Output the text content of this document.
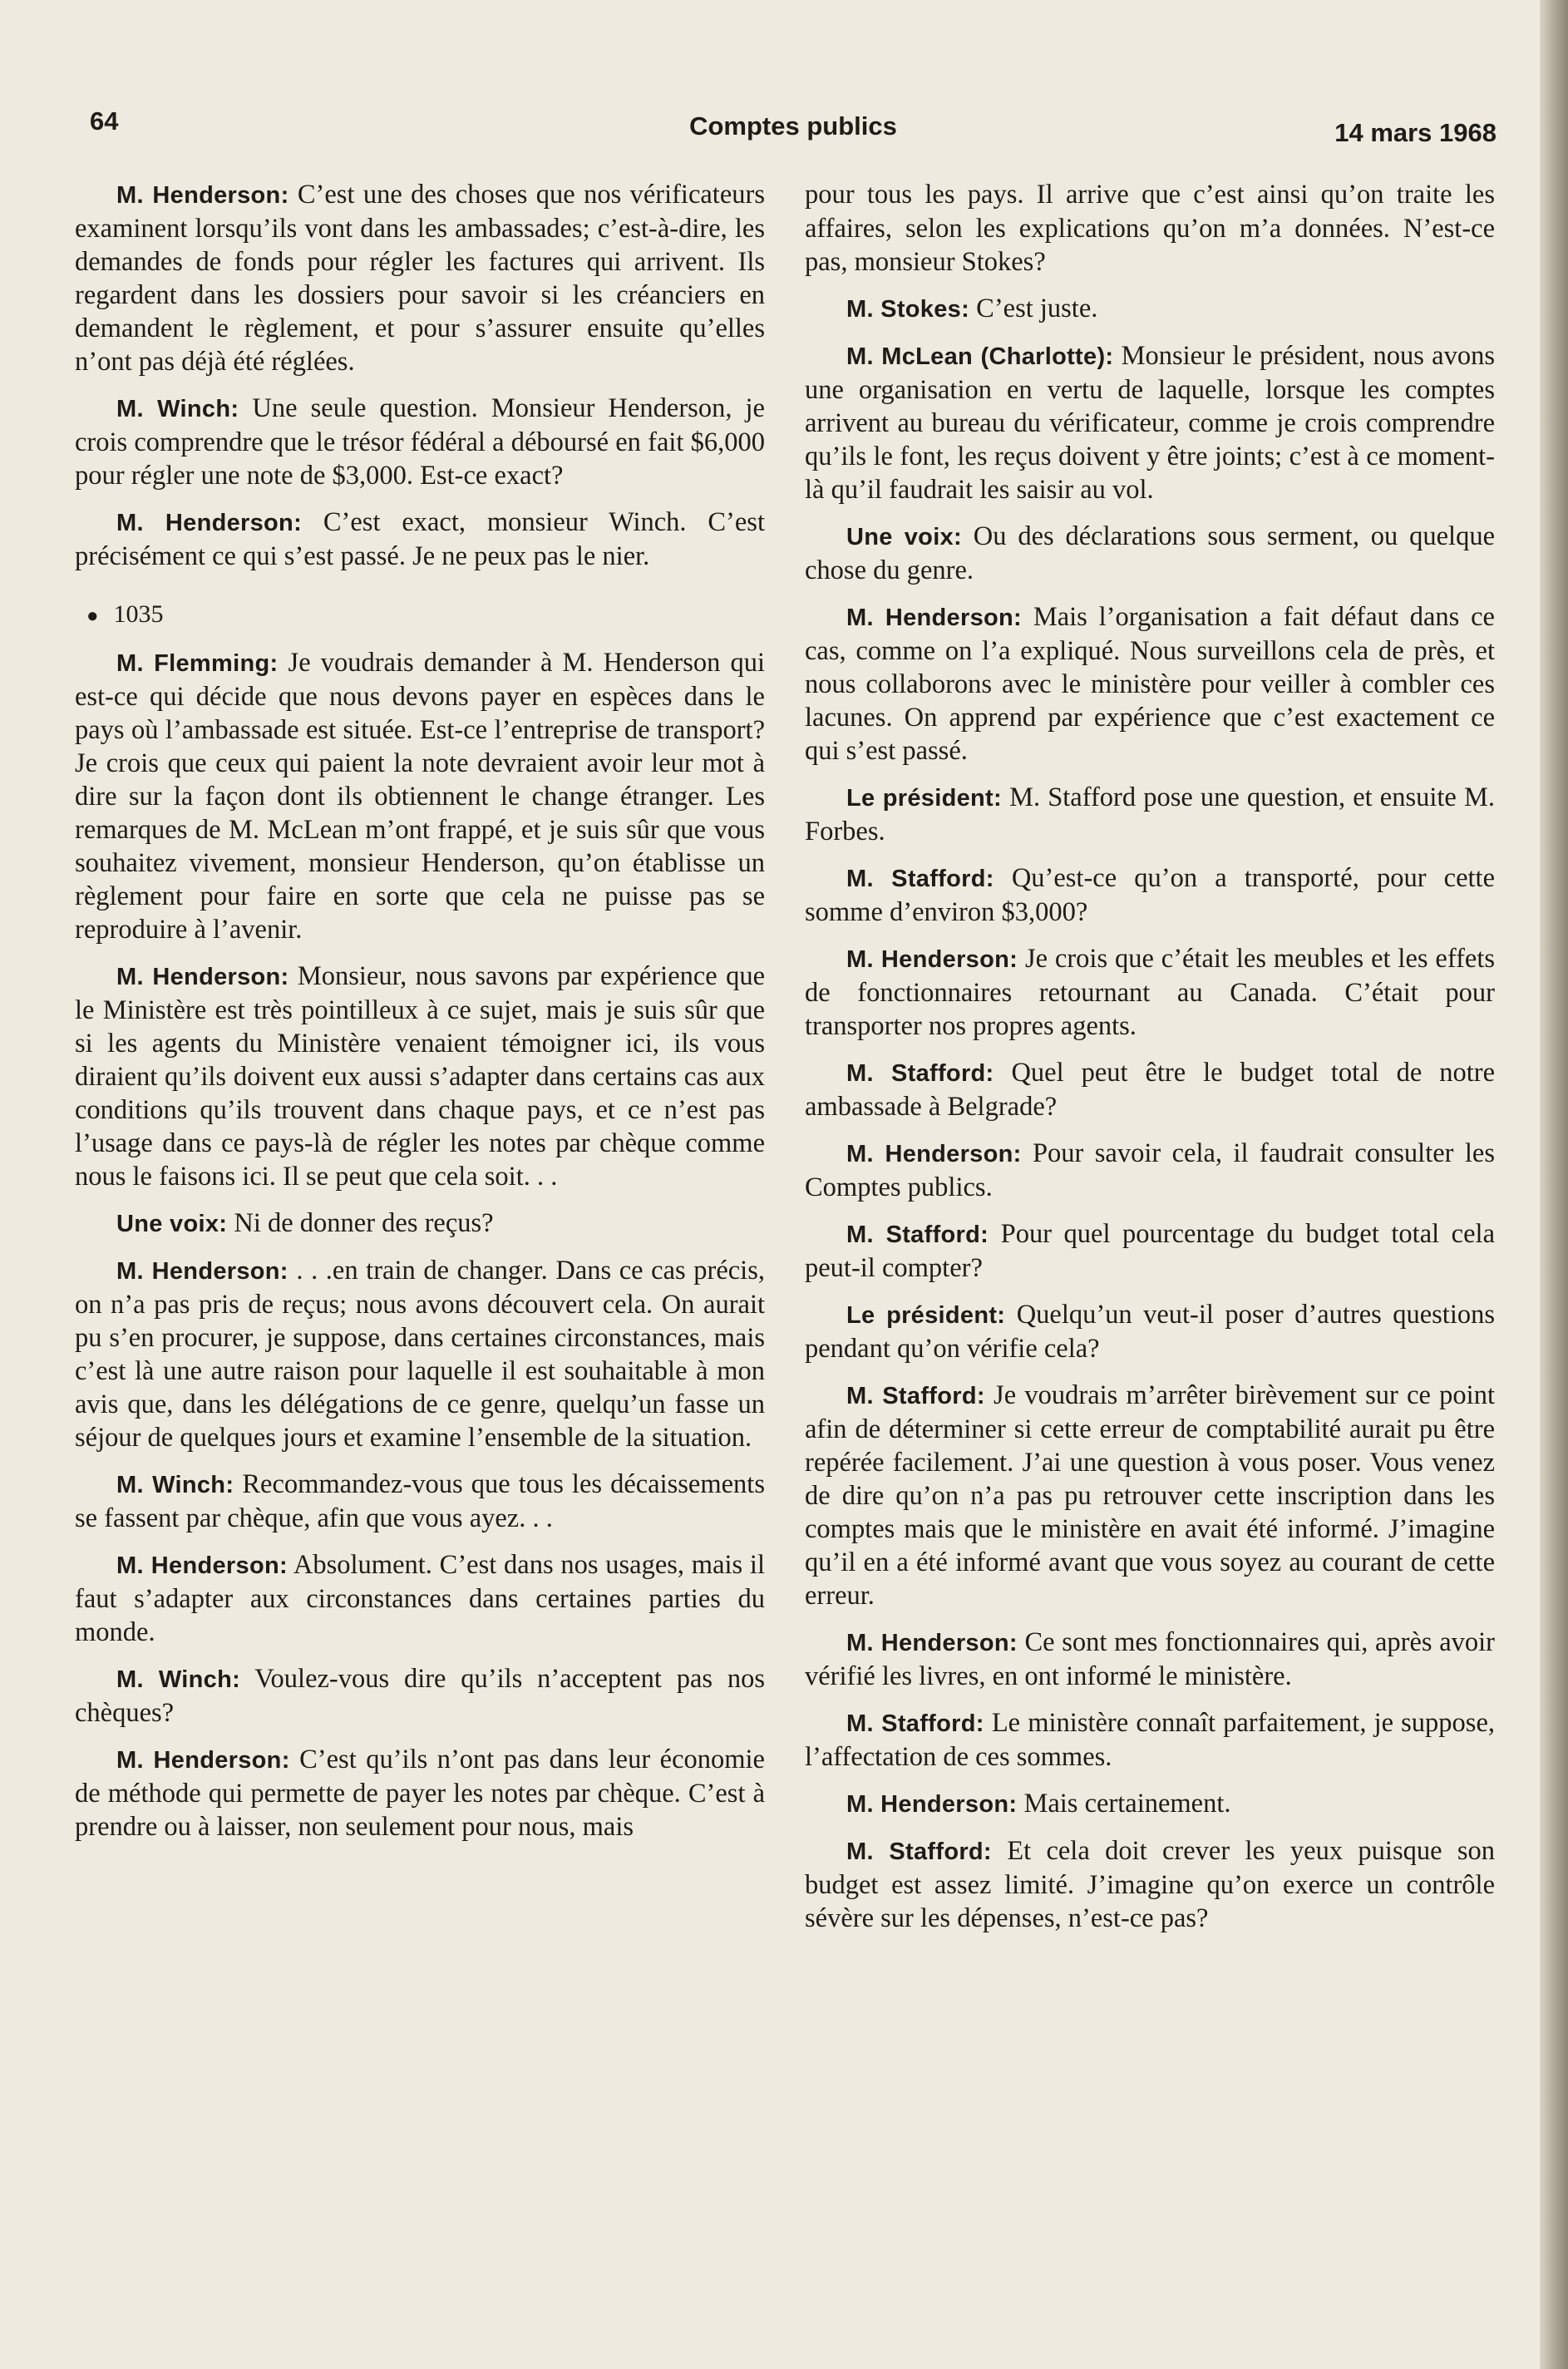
64	Comptes publics	14 mars 1968

M. Henderson: C’est une des choses que nos vérificateurs examinent lorsqu’ils vont dans les ambassades; c’est-à-dire, les demandes de fonds pour régler les factures qui arrivent. Ils regardent dans les dossiers pour savoir si les créanciers en demandent le règlement, et pour s’assurer ensuite qu’elles n’ont pas déjà été réglées.

M. Winch: Une seule question. Monsieur Henderson, je crois comprendre que le trésor fédéral a déboursé en fait $6,000 pour régler une note de $3,000. Est-ce exact?

M. Henderson: C’est exact, monsieur Winch. C’est précisément ce qui s’est passé. Je ne peux pas le nier.

● 1035

M. Flemming: Je voudrais demander à M. Henderson qui est-ce qui décide que nous devons payer en espèces dans le pays où l’ambassade est située. Est-ce l’entreprise de transport? Je crois que ceux qui paient la note devraient avoir leur mot à dire sur la façon dont ils obtiennent le change étranger. Les remarques de M. McLean m’ont frappé, et je suis sûr que vous souhaitez vivement, monsieur Henderson, qu’on établisse un règlement pour faire en sorte que cela ne puisse pas se reproduire à l’avenir.

M. Henderson: Monsieur, nous savons par expérience que le Ministère est très pointilleux à ce sujet, mais je suis sûr que si les agents du Ministère venaient témoigner ici, ils vous diraient qu’ils doivent eux aussi s’adapter dans certains cas aux conditions qu’ils trouvent dans chaque pays, et ce n’est pas l’usage dans ce pays-là de régler les notes par chèque comme nous le faisons ici. Il se peut que cela soit. . .

Une voix: Ni de donner des reçus?

M. Henderson: . . .en train de changer. Dans ce cas précis, on n’a pas pris de reçus; nous avons découvert cela. On aurait pu s’en procurer, je suppose, dans certaines circonstances, mais c’est là une autre raison pour laquelle il est souhaitable à mon avis que, dans les délégations de ce genre, quelqu’un fasse un séjour de quelques jours et examine l’ensemble de la situation.

M. Winch: Recommandez-vous que tous les décaissements se fassent par chèque, afin que vous ayez. . .

M. Henderson: Absolument. C’est dans nos usages, mais il faut s’adapter aux circonstances dans certaines parties du monde.

M. Winch: Voulez-vous dire qu’ils n’acceptent pas nos chèques?

M. Henderson: C’est qu’ils n’ont pas dans leur économie de méthode qui permette de payer les notes par chèque. C’est à prendre ou à laisser, non seulement pour nous, mais

pour tous les pays. Il arrive que c’est ainsi qu’on traite les affaires, selon les explications qu’on m’a données. N’est-ce pas, monsieur Stokes?

M. Stokes: C’est juste.

M. McLean (Charlotte): Monsieur le président, nous avons une organisation en vertu de laquelle, lorsque les comptes arrivent au bureau du vérificateur, comme je crois comprendre qu’ils le font, les reçus doivent y être joints; c’est à ce moment-là qu’il faudrait les saisir au vol.

Une voix: Ou des déclarations sous serment, ou quelque chose du genre.

M. Henderson: Mais l’organisation a fait défaut dans ce cas, comme on l’a expliqué. Nous surveillons cela de près, et nous collaborons avec le ministère pour veiller à combler ces lacunes. On apprend par expérience que c’est exactement ce qui s’est passé.

Le président: M. Stafford pose une question, et ensuite M. Forbes.

M. Stafford: Qu’est-ce qu’on a transporté, pour cette somme d’environ $3,000?

M. Henderson: Je crois que c’était les meubles et les effets de fonctionnaires retournant au Canada. C’était pour transporter nos propres agents.

M. Stafford: Quel peut être le budget total de notre ambassade à Belgrade?

M. Henderson: Pour savoir cela, il faudrait consulter les Comptes publics.

M. Stafford: Pour quel pourcentage du budget total cela peut-il compter?

Le président: Quelqu’un veut-il poser d’autres questions pendant qu’on vérifie cela?

M. Stafford: Je voudrais m’arrêter birèvement sur ce point afin de déterminer si cette erreur de comptabilité aurait pu être repérée facilement. J’ai une question à vous poser. Vous venez de dire qu’on n’a pas pu retrouver cette inscription dans les comptes mais que le ministère en avait été informé. J’imagine qu’il en a été informé avant que vous soyez au courant de cette erreur.

M. Henderson: Ce sont mes fonctionnaires qui, après avoir vérifié les livres, en ont informé le ministère.

M. Stafford: Le ministère connaît parfaitement, je suppose, l’affectation de ces sommes.

M. Henderson: Mais certainement.

M. Stafford: Et cela doit crever les yeux puisque son budget est assez limité. J’imagine qu’on exerce un contrôle sévère sur les dépenses, n’est-ce pas?
